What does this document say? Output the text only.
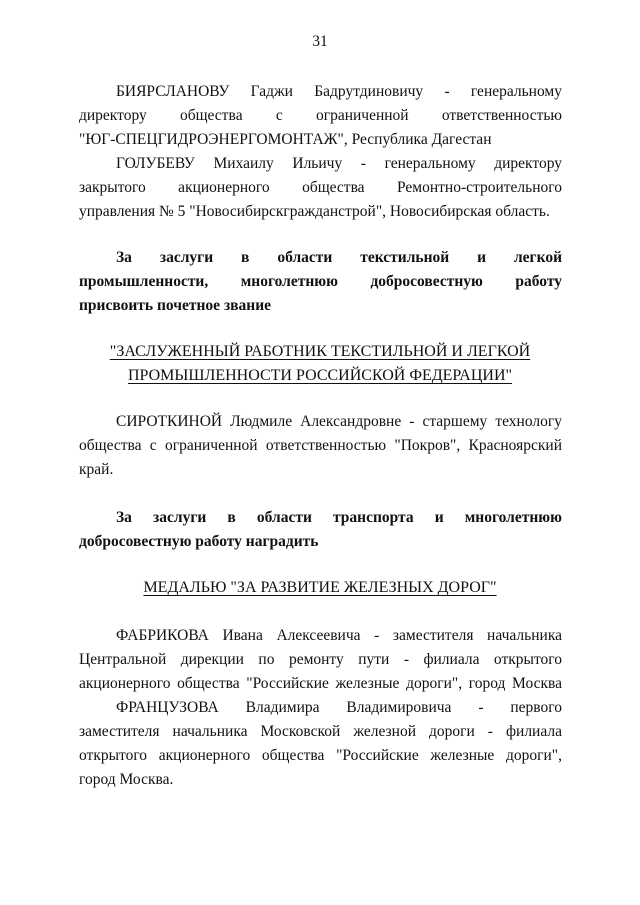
31
БИЯРСЛАНОВУ Гаджи Бадрутдиновичу - генеральному
директору обществa с ограниченной ответственностью
"ЮГ-СПЕЦГИДРОЭНЕРГОМОНТАЖ", Республика Дагестан
ГОЛУБЕВУ Михаилу Ильичу - генеральному директору
закрытого акционерного общества Ремонтно-строительного
управления № 5 "Новосибирскгражданстрой", Новосибирская область.
За заслуги в области текстильной и легкой
промышленности, многолетнюю добросовестную работу
присвоить почетное звание
"ЗАСЛУЖЕННЫЙ РАБОТНИК ТЕКСТИЛЬНОЙ И ЛЕГКОЙ
ПРОМЫШЛЕННОСТИ РОССИЙСКОЙ ФЕДЕРАЦИИ"
СИРОТКИНОЙ Людмиле Александровне - старшему технологу
общества с ограниченной ответственностью "Покров", Красноярский
край.
За заслуги в области транспорта и многолетнюю
добросовестную работу наградить
МЕДАЛЬЮ "ЗА РАЗВИТИЕ ЖЕЛЕЗНЫХ ДОРОГ"
ФАБРИКОВА Ивана Алексеевича - заместителя начальника
Центральной дирекции по ремонту пути - филиала открытого
акционерного общества "Российские железные дороги", город Москва
ФРАНЦУЗОВА Владимира Владимировича - первого
заместителя начальника Московской железной дороги - филиала
открытого акционерного общества "Российские железные дороги",
город Москва.
